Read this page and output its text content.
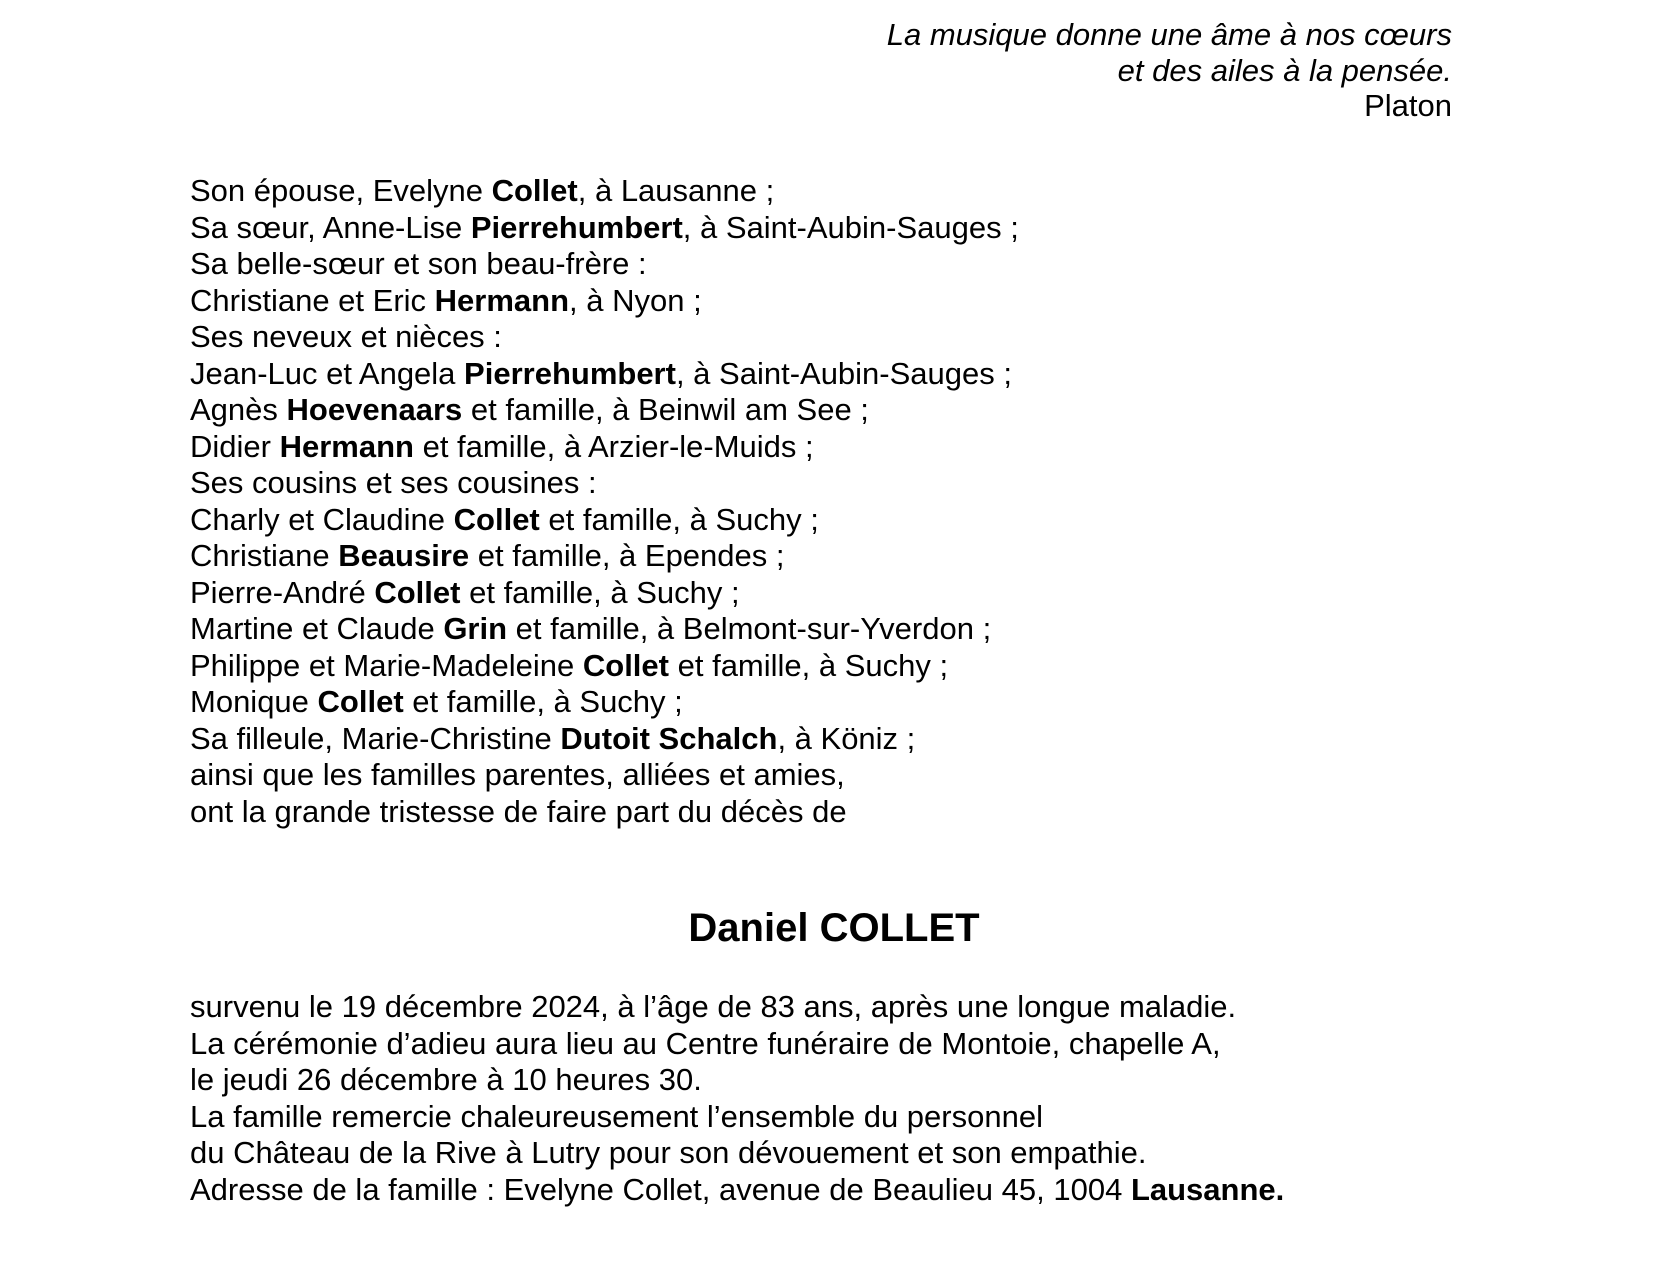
La musique donne une âme à nos cœurs
et des ailes à la pensée.
Platon
Son épouse, Evelyne Collet, à Lausanne ;
Sa sœur, Anne-Lise Pierrehumbert, à Saint-Aubin-Sauges ;
Sa belle-sœur et son beau-frère :
Christiane et Eric Hermann, à Nyon ;
Ses neveux et nièces :
Jean-Luc et Angela Pierrehumbert, à Saint-Aubin-Sauges ;
Agnès Hoevenaars et famille, à Beinwil am See ;
Didier Hermann et famille, à Arzier-le-Muids ;
Ses cousins et ses cousines :
Charly et Claudine Collet et famille, à Suchy ;
Christiane Beausire et famille, à Ependes ;
Pierre-André Collet et famille, à Suchy ;
Martine et Claude Grin et famille, à Belmont-sur-Yverdon ;
Philippe et Marie-Madeleine Collet et famille, à Suchy ;
Monique Collet et famille, à Suchy ;
Sa filleule, Marie-Christine Dutoit Schalch, à Köniz ;
ainsi que les familles parentes, alliées et amies,
ont la grande tristesse de faire part du décès de
Daniel COLLET
survenu le 19 décembre 2024, à l’âge de 83 ans, après une longue maladie.
La cérémonie d’adieu aura lieu au Centre funéraire de Montoie, chapelle A,
le jeudi 26 décembre à 10 heures 30.
La famille remercie chaleureusement l’ensemble du personnel
du Château de la Rive à Lutry pour son dévouement et son empathie.
Adresse de la famille : Evelyne Collet, avenue de Beaulieu 45, 1004 Lausanne.
